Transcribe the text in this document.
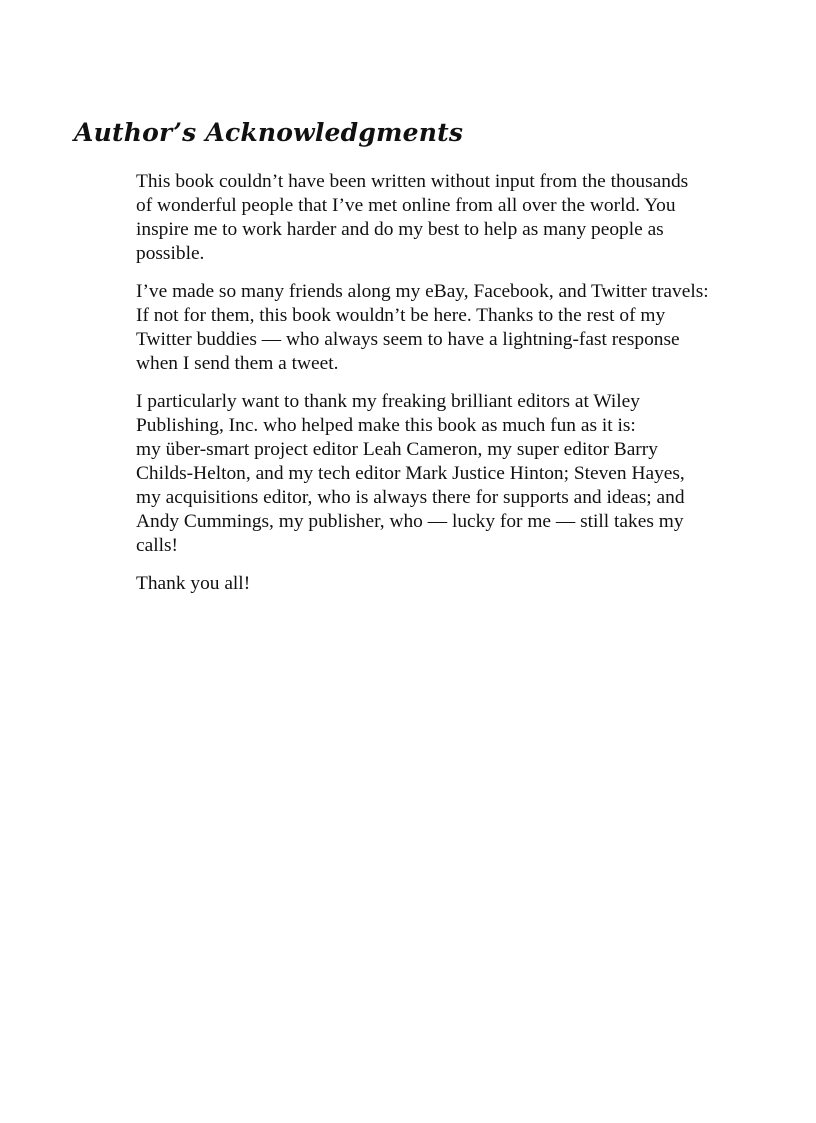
Author’s Acknowledgments

This book couldn’t have been written without input from the thousands
of wonderful people that I’ve met online from all over the world. You
inspire me to work harder and do my best to help as many people as
possible.

I’ve made so many friends along my eBay, Facebook, and Twitter travels:
If not for them, this book wouldn’t be here. Thanks to the rest of my
Twitter buddies — who always seem to have a lightning-fast response
when I send them a tweet.

I particularly want to thank my freaking brilliant editors at Wiley
Publishing, Inc. who helped make this book as much fun as it is:
my über-smart project editor Leah Cameron, my super editor Barry
Childs-Helton, and my tech editor Mark Justice Hinton; Steven Hayes,
my acquisitions editor, who is always there for supports and ideas; and
Andy Cummings, my publisher, who — lucky for me — still takes my
calls!

Thank you all!
